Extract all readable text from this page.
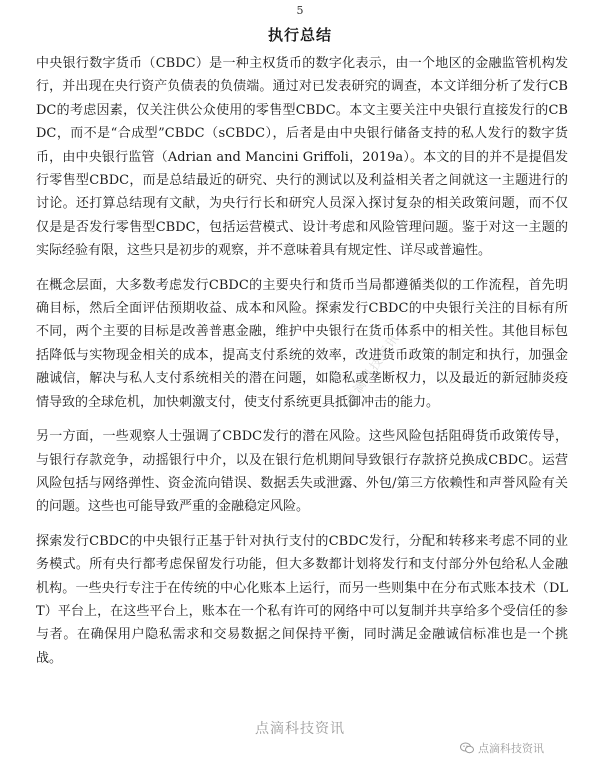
5
执行总结

中央银行数字货币（CBDC）是一种主权货币的数字化表示，由一个地区的金融监管机构发行，并出现在央行资产负债表的负债端。通过对已发表研究的调查，本文详细分析了发行CBDC的考虑因素，仅关注供公众使用的零售型CBDC。本文主要关注中央银行直接发行的CBDC，而不是“合成型”CBDC（sCBDC），后者是由中央银行储备支持的私人发行的数字货币，由中央银行监管（Adrian and Mancini Griffoli，2019a）。本文的目的并不是提倡发行零售型CBDC，而是总结最近的研究、央行的测试以及利益相关者之间就这一主题进行的讨论。还打算总结现有文献，为央行行长和研究人员深入探讨复杂的相关政策问题，而不仅仅是是否发行零售型CBDC，包括运营模式、设计考虑和风险管理问题。鉴于对这一主题的实际经验有限，这些只是初步的观察，并不意味着具有规定性、详尽或普遍性。

在概念层面，大多数考虑发行CBDC的主要央行和货币当局都遵循类似的工作流程，首先明确目标，然后全面评估预期收益、成本和风险。探索发行CBDC的中央银行关注的目标有所不同，两个主要的目标是改善普惠金融，维护中央银行在货币体系中的相关性。其他目标包括降低与实物现金相关的成本，提高支付系统的效率，改进货币政策的制定和执行，加强金融诚信，解决与私人支付系统相关的潜在问题，如隐私或垄断权力，以及最近的新冠肺炎疫情导致的全球危机，加快刺激支付，使支付系统更具抵御冲击的能力。

另一方面，一些观察人士强调了CBDC发行的潜在风险。这些风险包括阻碍货币政策传导，与银行存款竞争，动摇银行中介，以及在银行危机期间导致银行存款挤兑换成CBDC。运营风险包括与网络弹性、资金流向错误、数据丢失或泄露、外包/第三方依赖性和声誉风险有关的问题。这些也可能导致严重的金融稳定风险。

探索发行CBDC的中央银行正基于针对执行支付的CBDC发行，分配和转移来考虑不同的业务模式。所有央行都考虑保留发行功能，但大多数都计划将发行和支付部分外包给私人金融机构。一些央行专注于在传统的中心化账本上运行，而另一些则集中在分布式账本技术（DLT）平台上，在这些平台上，账本在一个私有许可的网络中可以复制并共享给多个受信任的参与者。在确保用户隐私需求和交易数据之间保持平衡，同时满足金融诚信标准也是一个挑战。

点滴科技资讯
点滴科技资讯
点滴科技资讯
